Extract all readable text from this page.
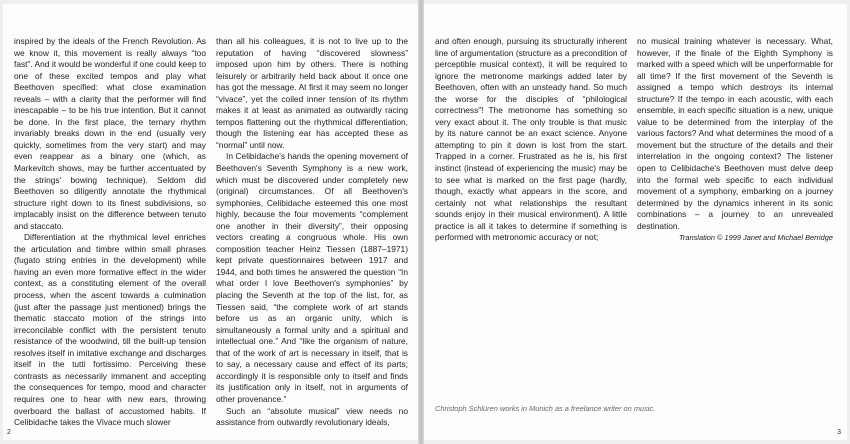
inspired by the ideals of the French Revolution. As we know it, this movement is really always “too fast”. And it would be wonderful if one could keep to one of these excited tempos and play what Beethoven specified: what close examination reveals – with a clarity that the performer will find inescapable – to be his true intention. But it cannot be done. In the first place, the ternary rhythm invariably breaks down in the end (usually very quickly, sometimes from the very start) and may even reappear as a binary one (which, as Markevitch shows, may be further accentuated by the strings' bowing technique). Seldom did Beethoven so diligently annotate the rhythmical structure right down to its finest subdivisions, so implacably insist on the difference between tenuto and staccato.

Differentiation at the rhythmical level enriches the articulation and timbre within small phrases (fugato string entries in the development) while having an even more formative effect in the wider context, as a constituting element of the overall process, when the ascent towards a culmination (just after the passage just mentioned) brings the thematic staccato motion of the strings into irreconcilable conflict with the persistent tenuto resistance of the woodwind, till the built-up tension resolves itself in imitative exchange and discharges itself in the tutti fortissimo. Perceiving these contrasts as necessarily immanent and accepting the consequences for tempo, mood and character requires one to hear with new ears, throwing overboard the ballast of accustomed habits. If Celibidache takes the Vivace much slower

than all his colleagues, it is not to live up to the reputation of having “discovered slowness” imposed upon him by others. There is nothing leisurely or arbitrarily held back about it once one has got the message. At first it may seem no longer “vivace”, yet the coiled inner tension of its rhythm makes it at least as animated as outwardly racing tempos flattening out the rhythmical differentiation, though the listening ear has accepted these as “normal” until now.

In Celibidache's hands the opening movement of Beethoven's Seventh Symphony is a new work, which must be discovered under completely new (original) circumstances. Of all Beethoven's symphonies, Celibidache esteemed this one most highly, because the four movements “complement one another in their diversity”, their opposing vectors creating a congruous whole. His own composition teacher Heinz Tiessen (1887–1971) kept private questionnaires between 1917 and 1944, and both times he answered the question “In what order I love Beethoven's symphonies” by placing the Seventh at the top of the list, for, as Tiessen said, “the complete work of art stands before us as an organic unity, which is simultaneously a formal unity and a spiritual and intellectual one.” And “like the organism of nature, that of the work of art is necessary in itself, that is to say, a necessary cause and effect of its parts; accordingly it is responsible only to itself and finds its justification only in itself, not in arguments of other provenance.”

Such an “absolute musical” view needs no assistance from outwardly revolutionary ideals,

2

and often enough, pursuing its structurally inherent line of argumentation (structure as a precondition of perceptible musical context), it will be required to ignore the metronome markings added later by Beethoven, often with an unsteady hand. So much the worse for the disciples of “philological correctness”! The metronome has something so very exact about it. The only trouble is that music by its nature cannot be an exact science. Anyone attempting to pin it down is lost from the start. Trapped in a corner. Frustrated as he is, his first instinct (instead of experiencing the music) may be to see what is marked on the first page (hardly, though, exactly what appears in the score, and certainly not what relationships the resultant sounds enjoy in their musical environment). A little practice is all it takes to determine if something is performed with metronomic accuracy or not;

no musical training whatever is necessary. What, however, if the finale of the Eighth Symphony is marked with a speed which will be unperformable for all time? If the first movement of the Seventh is assigned a tempo which destroys its internal structure? If the tempo in each acoustic, with each ensemble, in each specific situation is a new, unique value to be determined from the interplay of the various factors? And what determines the mood of a movement but the structure of the details and their interrelation in the ongoing context? The listener open to Celibidache's Beethoven must delve deep into the formal web specific to each individual movement of a symphony, embarking on a journey determined by the dynamics inherent in its sonic combinations – a journey to an unrevealed destination.

Translation © 1999 Janet and Michael Berridge

Christoph Schlüren works in Munich as a freelance writer on music.

3
